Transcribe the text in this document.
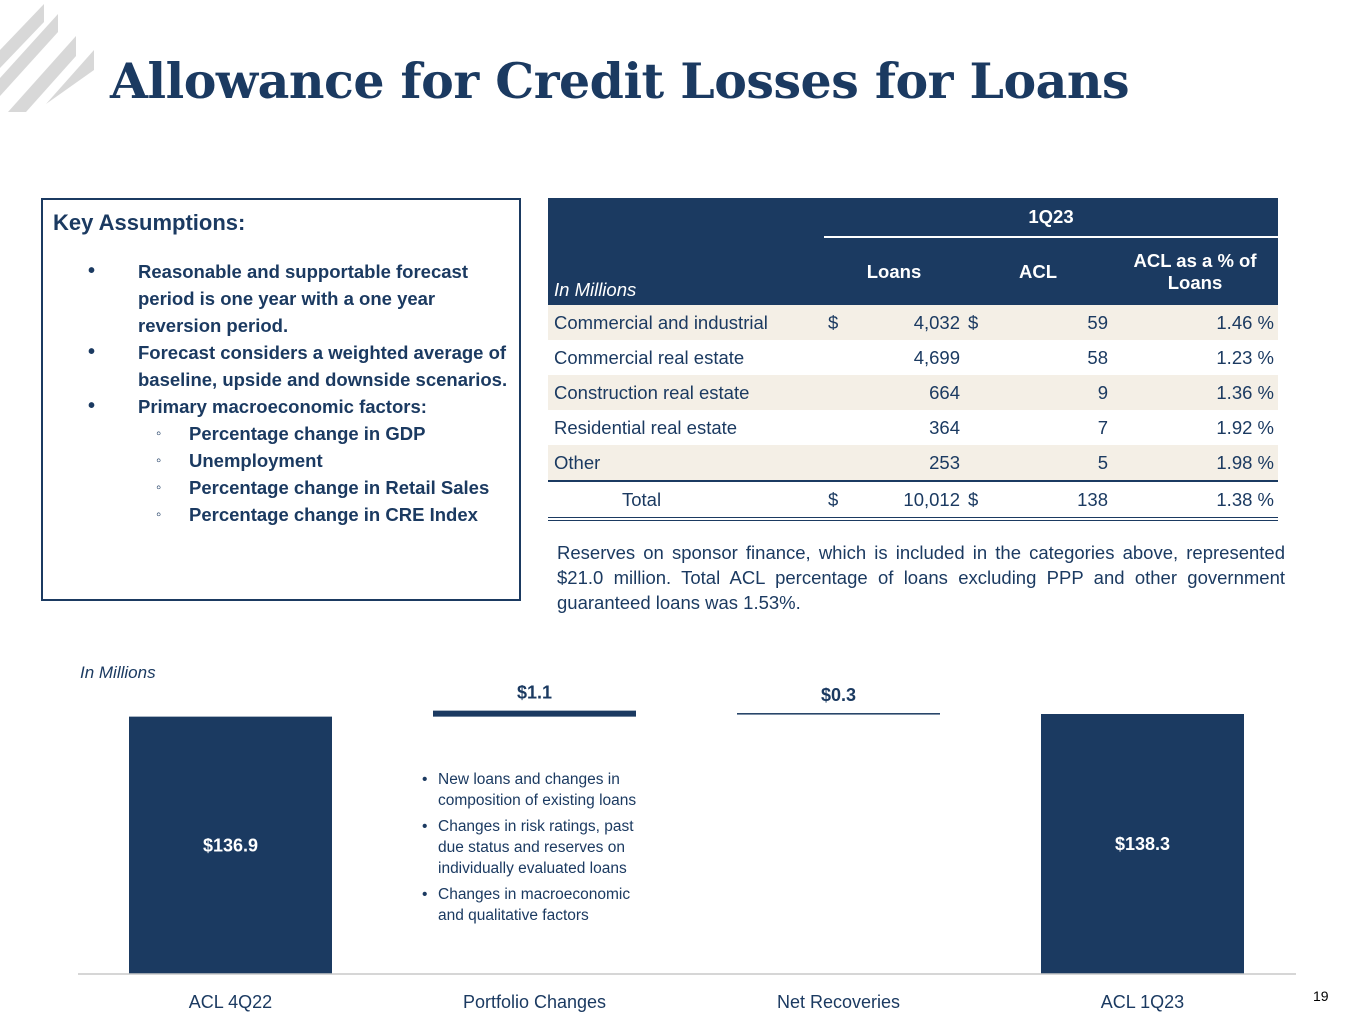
Allowance for Credit Losses for Loans
Key Assumptions:
• Reasonable and supportable forecast period is one year with a one year reversion period.
• Forecast considers a weighted average of baseline, upside and downside scenarios.
• Primary macroeconomic factors:
◦ Percentage change in GDP
◦ Unemployment
◦ Percentage change in Retail Sales
◦ Percentage change in CRE Index
	1Q23				
In Millions	Loans		ACL		ACL as a % of Loans
Commercial and industrial	$	4,032	$	59	1.46 %
Commercial real estate		4,699		58	1.23 %
Construction real estate		664		9	1.36 %
Residential real estate		364		7	1.92 %
Other		253		5	1.98 %
Total	$	10,012	$	138	1.38 %

Reserves on sponsor finance, which is included in the categories above, represented $21.0 million. Total ACL percentage of loans excluding PPP and other government guaranteed loans was 1.53%.

In Millions
$136.9
ACL 4Q22
$1.1
Portfolio Changes
$0.3
Net Recoveries
$138.3
ACL 1Q23
• New loans and changes in composition of existing loans
• Changes in risk ratings, past due status and reserves on individually evaluated loans
• Changes in macroeconomic and qualitative factors
19
